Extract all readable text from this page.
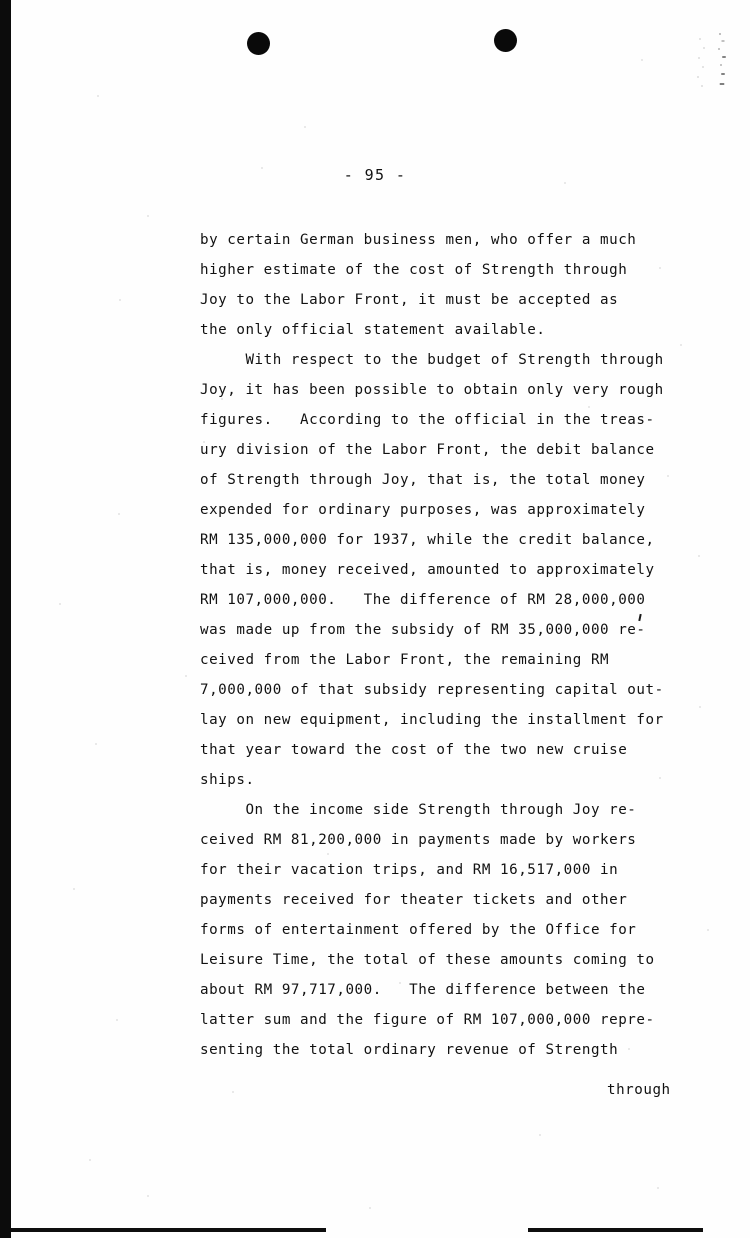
- 95 -
by certain German business men, who offer a much
higher estimate of the cost of Strength through
Joy to the Labor Front, it must be accepted as
the only official statement available.
With respect to the budget of Strength through
Joy, it has been possible to obtain only very rough
figures.   According to the official in the treas-
ury division of the Labor Front, the debit balance
of Strength through Joy, that is, the total money
expended for ordinary purposes, was approximately
RM 135,000,000 for 1937, while the credit balance,
that is, money received, amounted to approximately
RM 107,000,000.   The difference of RM 28,000,000
was made up from the subsidy of RM 35,000,000 re-
ceived from the Labor Front, the remaining RM
7,000,000 of that subsidy representing capital out-
lay on new equipment, including the installment for
that year toward the cost of the two new cruise
ships.
On the income side Strength through Joy re-
ceived RM 81,200,000 in payments made by workers
for their vacation trips, and RM 16,517,000 in
payments received for theater tickets and other
forms of entertainment offered by the Office for
Leisure Time, the total of these amounts coming to
about RM 97,717,000.   The difference between the
latter sum and the figure of RM 107,000,000 repre-
senting the total ordinary revenue of Strength
through
